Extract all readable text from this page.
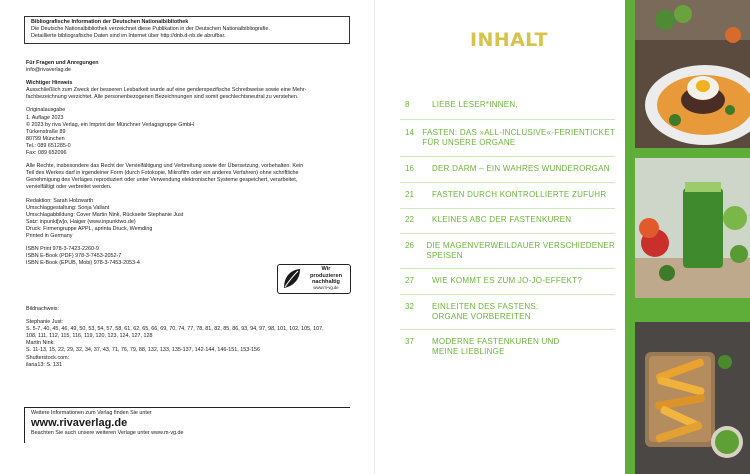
Bibliografische Information der Deutschen Nationalbibliothek
Die Deutsche Nationalbibliothek verzeichnet diese Publikation in der Deutschen Nationalbibliografie.
Detaillierte bibliografische Daten sind im Internet über http://dnb.d-nb.de abrufbar.
Für Fragen und Anregungen
info@rivaverlag.de
Wichtiger Hinweis
Ausschließlich zum Zweck der besseren Lesbarkeit wurde auf eine genderspezifische Schreibweise sowie eine Mehr-
fachbezeichnung verzichtet. Alle personenbezogenen Bezeichnungen sind somit geschlechtsneutral zu verstehen.
Originalausgabe
1. Auflage 2023
© 2023 by riva Verlag, ein Imprint der Münchner Verlagsgruppe GmbH
Türkenstraße 89
80799 München
Tel.: 089 651285-0
Fax: 089 652096
Alle Rechte, insbesondere das Recht der Vervielfältigung und Verbreitung sowie der Übersetzung, vorbehalten. Kein
Teil des Werkes darf in irgendeiner Form (durch Fotokopie, Mikrofilm oder ein anderes Verfahren) ohne schriftliche
Genehmigung des Verlages reproduziert oder unter Verwendung elektronischer Systeme gespeichert, verarbeitet,
vervielfältigt oder verbreitet werden.
Redaktion: Sarah Holzwarth
Umschlaggestaltung: Sonja Vallant
Umschlagabbildung: Cover Martin Nink, Rückseite Stephanie Just
Satz: inpunkt[w]o, Haiger (www.inpunktwo.de)
Druck: Firmengruppe APPL, aprinta Druck, Wemding
Printed in Germany
ISBN Print 978-3-7423-2260-9
ISBN E-Book (PDF) 978-3-7453-2052-7
ISBN E-Book (EPUB, Mobi) 978-3-7453-2053-4
Wir produzieren
nachhaltig
www.m-vg.de
Bildnachweis:
Stephanie Just:
S. 5-7, 40, 45, 46, 49, 50, 53, 54, 57, 58, 61, 62, 65, 66, 69, 70, 74, 77, 78, 81, 82, 85, 86, 93, 94, 97, 98, 101, 102, 105, 107,
108, 111, 112, 115, 116, 119, 120, 123, 124, 127, 128
Martin Nink:
S. 11-13, 15, 22, 29, 32, 34, 37, 43, 71, 76, 79, 88, 132, 133, 135-137, 142-144, 146-151, 153-156
Shutterstock.com:
ilaria13: S. 131
Weitere Informationen zum Verlag finden Sie unter
www.rivaverlag.de
Beachten Sie auch unsere weiteren Verlage unter www.m-vg.de
INHALT
8	LIEBE LESER*INNEN,
14	FASTEN: DAS »ALL-INCLUSIVE«-FERIENTICKET
FÜR UNSERE ORGANE
16	DER DARM – EIN WAHRES WUNDERORGAN
21	FASTEN DURCH KONTROLLIERTE ZUFUHR
22	KLEINES ABC DER FASTENKUREN
26	DIE MAGENVERWEILDAUER VERSCHIEDENER
SPEISEN
27	WIE KOMMT ES ZUM JO-JO-EFFEKT?
32	EINLEITEN DES FASTENS:
ORGANE VORBEREITEN
37	MODERNE FASTENKUREN UND
MEINE LIEBLINGE
